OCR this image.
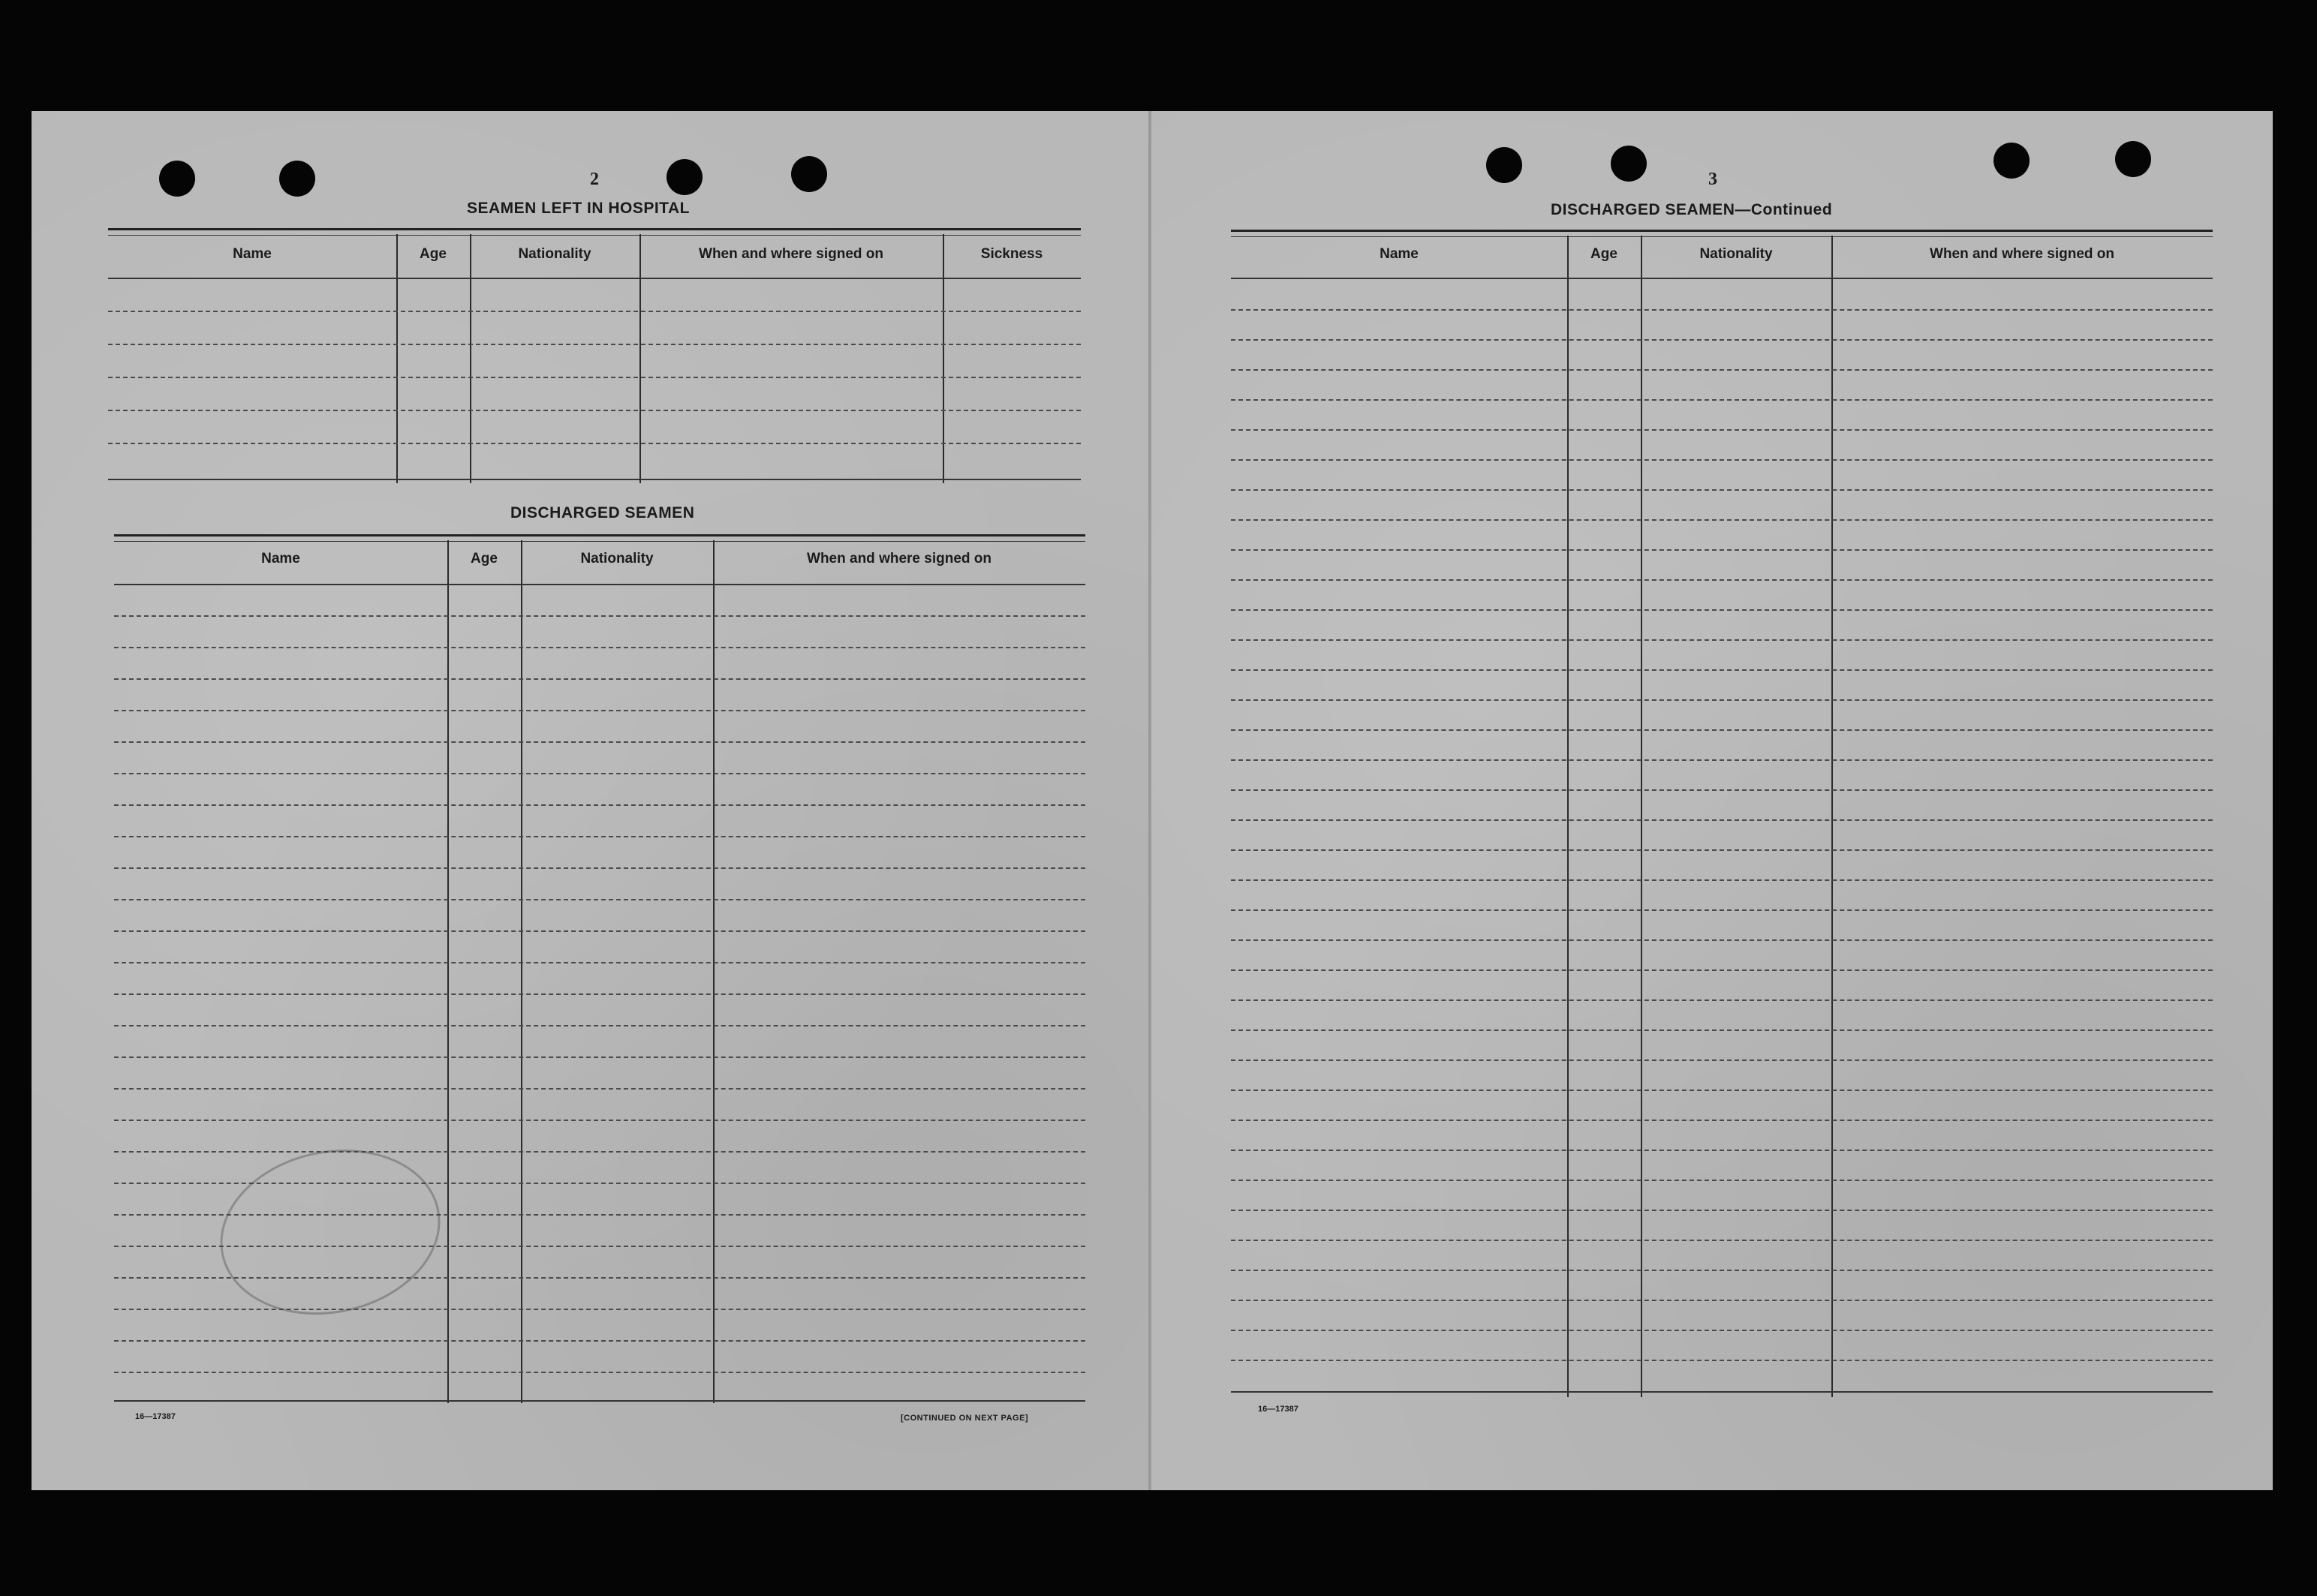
2
SEAMEN LEFT IN HOSPITAL
Name	Age	Nationality	When and where signed on	Sickness
DISCHARGED SEAMEN
Name	Age	Nationality	When and where signed on
16—17387	[CONTINUED ON NEXT PAGE]
3
DISCHARGED SEAMEN—Continued
Name	Age	Nationality	When and where signed on
16—17387
